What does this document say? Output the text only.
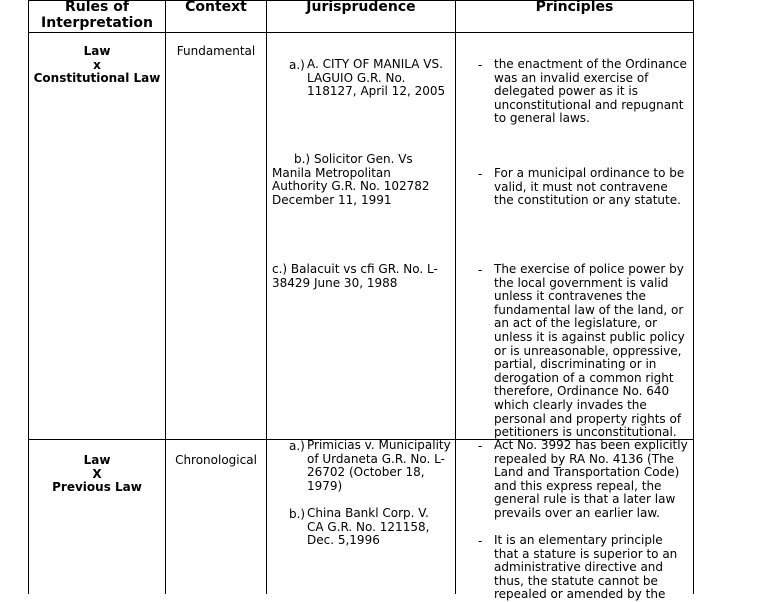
Rules of Interpretation
Context	Jurisprudence	Principles
Law
x
Constitutional Law
Fundamental
a.) A. CITY OF MANILA VS. LAGUIO G.R. No. 118127, April 12, 2005
b.) Solicitor Gen. Vs Manila Metropolitan Authority G.R. No. 102782 December 11, 1991
c.) Balacuit vs cfi GR. No. L-38429 June 30, 1988
- the enactment of the Ordinance was an invalid exercise of delegated power as it is unconstitutional and repugnant to general laws.
- For a municipal ordinance to be valid, it must not contravene the constitution or any statute.
- The exercise of police power by the local government is valid unless it contravenes the fundamental law of the land, or an act of the legislature, or unless it is against public policy or is unreasonable, oppressive, partial, discriminating or in derogation of a common right therefore, Ordinance No. 640 which clearly invades the personal and property rights of petitioners is unconstitutional.
Law
X
Previous Law
Chronological
a.) Primicias v. Municipality of Urdaneta G.R. No. L-26702 (October 18, 1979)
b.) China Bankl Corp. V. CA G.R. No. 121158, Dec. 5,1996
- Act No. 3992 has been explicitly repealed by RA No. 4136 (The Land and Transportation Code) and this express repeal, the general rule is that a later law prevails over an earlier law.
- It is an elementary principle that a stature is superior to an administrative directive and thus, the statute cannot be repealed or amended by the
